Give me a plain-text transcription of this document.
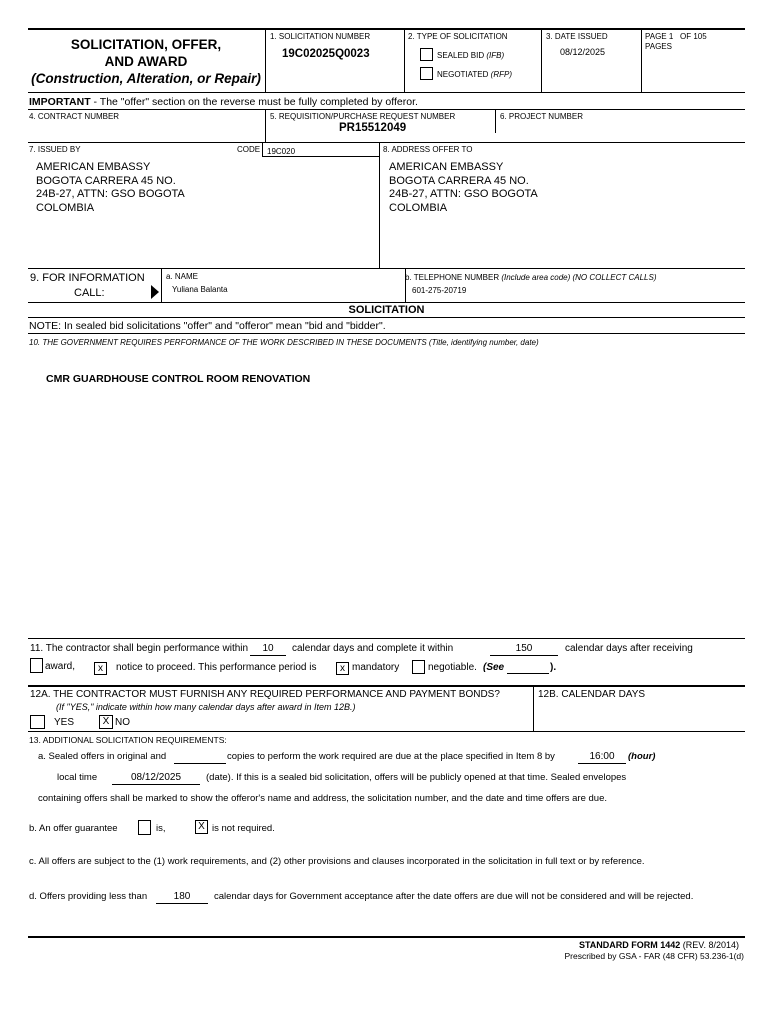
SOLICITATION, OFFER,
AND AWARD
(Construction, Alteration, or Repair)
1. SOLICITATION NUMBER
19C02025Q0023
2. TYPE OF SOLICITATION
SEALED BID (IFB)
NEGOTIATED (RFP)
3. DATE ISSUED
08/12/2025
PAGE 1 OF 105
PAGES
IMPORTANT - The "offer" section on the reverse must be fully completed by offeror.
4. CONTRACT NUMBER	5. REQUISITION/PURCHASE REQUEST NUMBER
PR15512049
6. PROJECT NUMBER
7. ISSUED BY	CODE 19C020	8. ADDRESS OFFER TO
AMERICAN EMBASSY
BOGOTA CARRERA 45 NO.
24B-27, ATTN: GSO BOGOTA
COLOMBIA
AMERICAN EMBASSY
BOGOTA CARRERA 45 NO.
24B-27, ATTN: GSO BOGOTA
COLOMBIA
9. FOR INFORMATION
CALL:
a. NAME
Yuliana Balanta
b. TELEPHONE NUMBER (Include area code) (NO COLLECT CALLS)
601-275-20719
SOLICITATION
NOTE: In sealed bid solicitations "offer" and "offeror" mean "bid and "bidder".
10. THE GOVERNMENT REQUIRES PERFORMANCE OF THE WORK DESCRIBED IN THESE DOCUMENTS (Title, identifying number, date)
CMR GUARDHOUSE CONTROL ROOM RENOVATION
11. The contractor shall begin performance within	10	calendar days and complete it within	150	calendar days after receiving
award,	x	notice to proceed. This performance period is	x mandatory	negotiable. (See	).
12A. THE CONTRACTOR MUST FURNISH ANY REQUIRED PERFORMANCE AND PAYMENT BONDS?
(If "YES," indicate within how many calendar days after award in Item 12B.)
YES	X NO
12B. CALENDAR DAYS
13. ADDITIONAL SOLICITATION REQUIREMENTS:
a. Sealed offers in original and	copies to perform the work required are due at the place specified in Item 8 by	16:00	(hour)
local time	08/12/2025	(date). If this is a sealed bid solicitation, offers will be publicly opened at that time. Sealed envelopes
containing offers shall be marked to show the offeror's name and address, the solicitation number, and the date and time offers are due.
b. An offer guarantee	is,	X is not required.
c. All offers are subject to the (1) work requirements, and (2) other provisions and clauses incorporated in the solicitation in full text or by reference.
d. Offers providing less than	180	calendar days for Government acceptance after the date offers are due will not be considered and will be rejected.
STANDARD FORM 1442 (REV. 8/2014)
Prescribed by GSA - FAR (48 CFR) 53.236-1(d)
